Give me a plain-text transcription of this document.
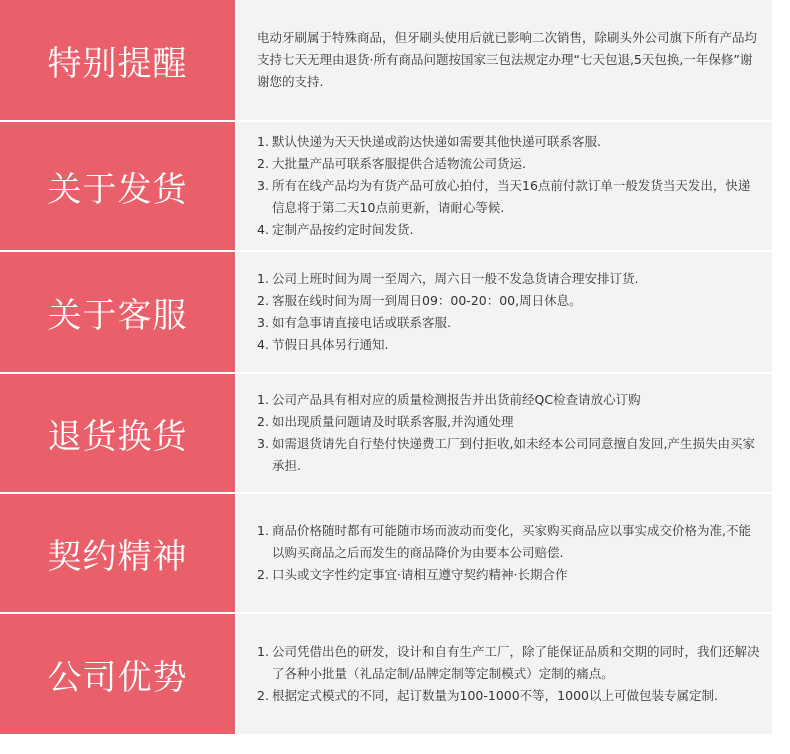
特别提醒

电动牙刷属于特殊商品，但牙刷头使用后就已影响二次销售，除刷头外公司旗下所有产品均支持七天无理由退货·所有商品问题按国家三包法规定办理“七天包退,5天包换,一年保修”谢谢您的支持.

关于发货
1. 默认快递为天天快递或韵达快递如需要其他快递可联系客服.
2. 大批量产品可联系客服提供合适物流公司货运.
3. 所有在线产品均为有货产品可放心拍付，当天16点前付款订单一般发货当天发出，快递信息将于第二天10点前更新，请耐心等候.
4. 定制产品按约定时间发货.
关于客服
1. 公司上班时间为周一至周六，周六日一般不发急货请合理安排订货.
2. 客服在线时间为周一到周日09：00-20：00,周日休息。
3. 如有急事请直接电话或联系客服.
4. 节假日具体另行通知.
退货换货
1. 公司产品具有相对应的质量检测报告并出货前经QC检查请放心订购
2. 如出现质量问题请及时联系客服,并沟通处理
3. 如需退货请先自行垫付快递费工厂到付拒收,如未经本公司同意擅自发回,产生损失由买家承担.
契约精神
1. 商品价格随时都有可能随市场而波动而变化，买家购买商品应以事实成交价格为准,不能以购买商品之后而发生的商品降价为由要本公司赔偿.
2. 口头或文字性约定事宜·请相互遵守契约精神·长期合作
公司优势
1. 公司凭借出色的研发，设计和自有生产工厂，除了能保证品质和交期的同时，我们还解决了各种小批量（礼品定制/品牌定制等定制模式）定制的痛点。
2. 根据定式模式的不同，起订数量为100-1000不等，1000以上可做包装专属定制.
